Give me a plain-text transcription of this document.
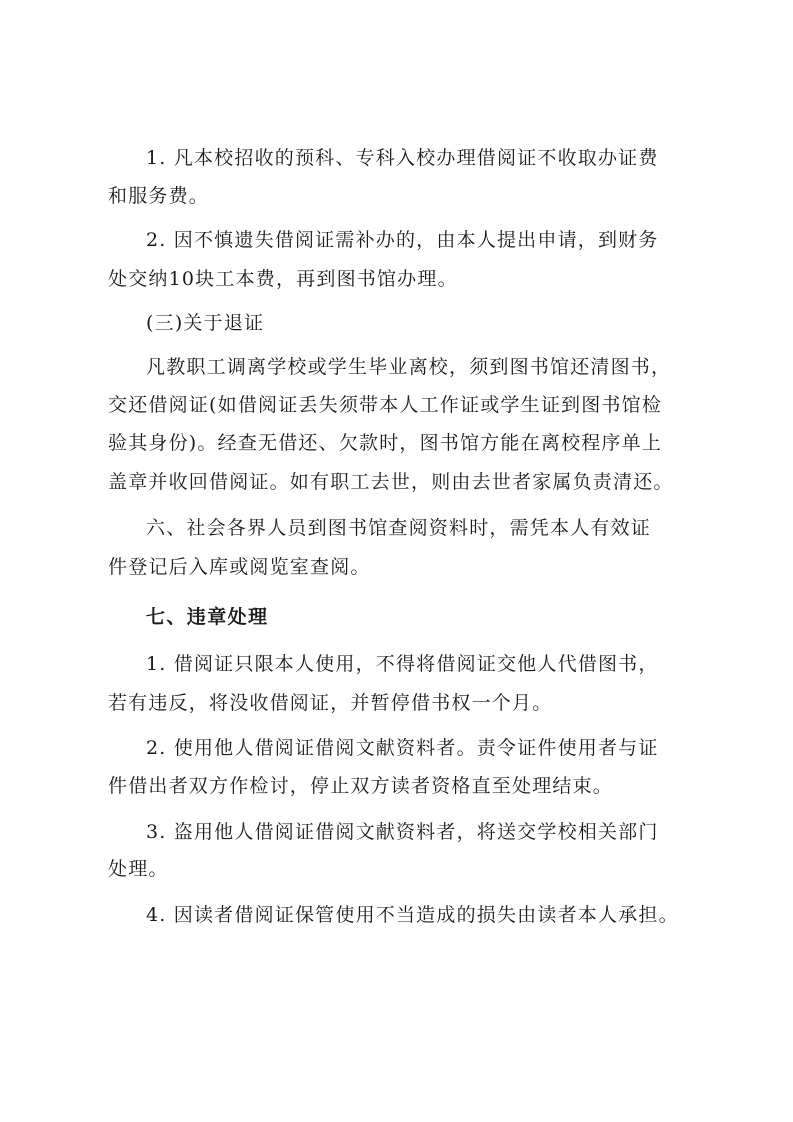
1. 凡本校招收的预科、专科入校办理借阅证不收取办证费
和服务费。
2. 因不慎遗失借阅证需补办的，由本人提出申请，到财务
处交纳10块工本费，再到图书馆办理。
(三)关于退证
凡教职工调离学校或学生毕业离校，须到图书馆还清图书，
交还借阅证(如借阅证丢失须带本人工作证或学生证到图书馆检
验其身份)。经查无借还、欠款时，图书馆方能在离校程序单上
盖章并收回借阅证。如有职工去世，则由去世者家属负责清还。
六、社会各界人员到图书馆查阅资料时，需凭本人有效证
件登记后入库或阅览室查阅。
七、违章处理
1. 借阅证只限本人使用，不得将借阅证交他人代借图书，
若有违反，将没收借阅证，并暂停借书权一个月。
2. 使用他人借阅证借阅文献资料者。责令证件使用者与证
件借出者双方作检讨，停止双方读者资格直至处理结束。
3. 盗用他人借阅证借阅文献资料者，将送交学校相关部门
处理。
4. 因读者借阅证保管使用不当造成的损失由读者本人承担。
